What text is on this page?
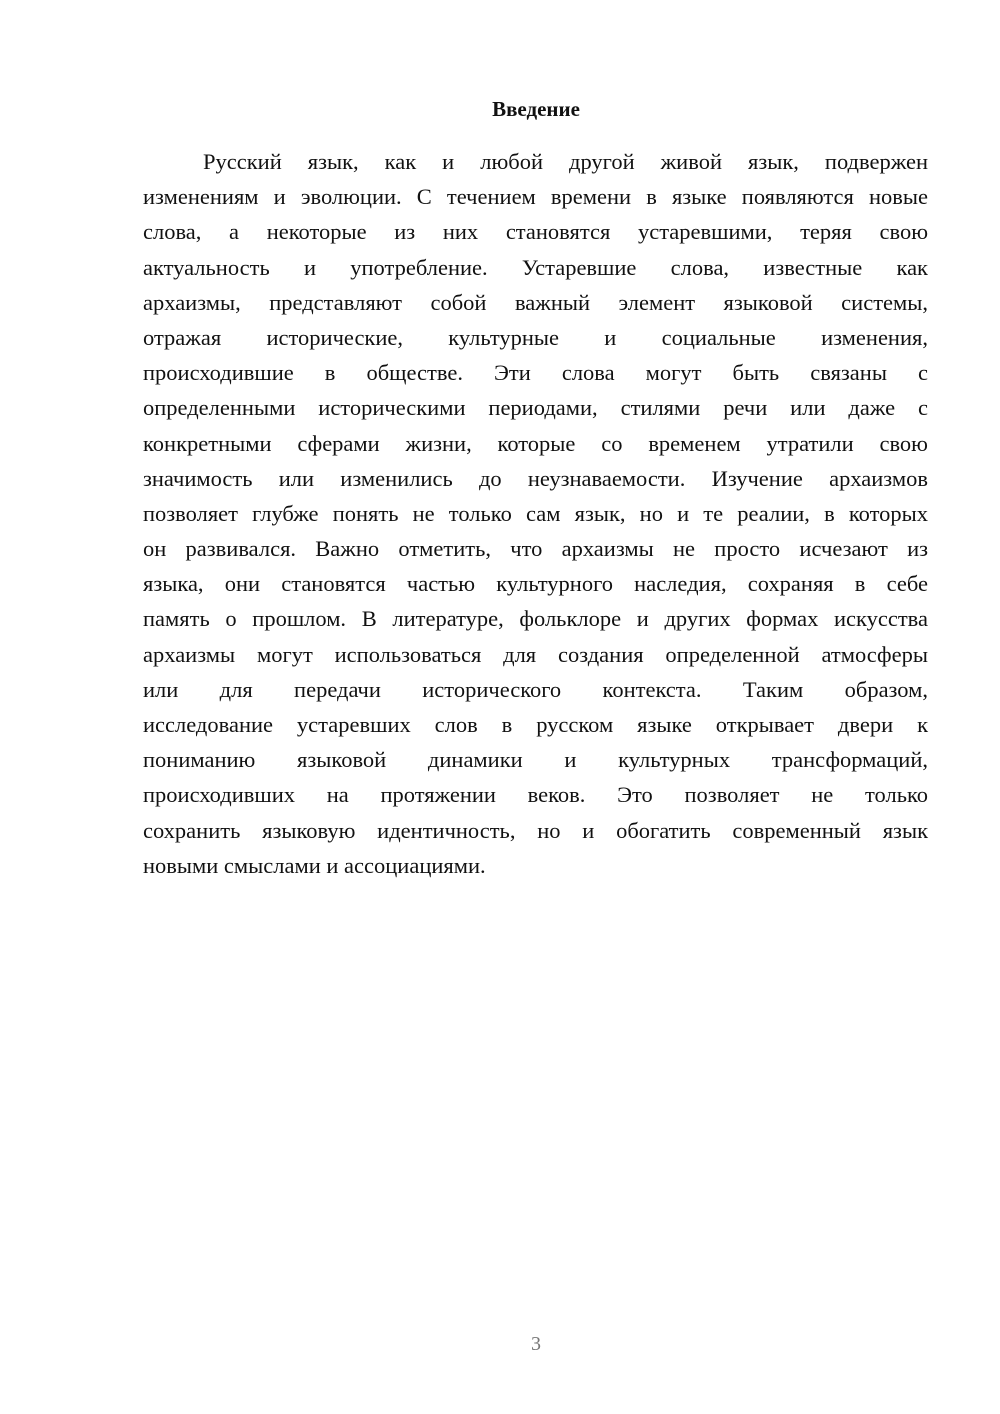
Введение
Русский язык, как и любой другой живой язык, подвержен
изменениям и эволюции. С течением времени в языке появляются новые
слова, а некоторые из них становятся устаревшими, теряя свою
актуальность и употребление. Устаревшие слова, известные как
архаизмы, представляют собой важный элемент языковой системы,
отражая исторические, культурные и социальные изменения,
происходившие в обществе. Эти слова могут быть связаны с
определенными историческими периодами, стилями речи или даже с
конкретными сферами жизни, которые со временем утратили свою
значимость или изменились до неузнаваемости. Изучение архаизмов
позволяет глубже понять не только сам язык, но и те реалии, в которых
он развивался. Важно отметить, что архаизмы не просто исчезают из
языка, они становятся частью культурного наследия, сохраняя в себе
память о прошлом. В литературе, фольклоре и других формах искусства
архаизмы могут использоваться для создания определенной атмосферы
или для передачи исторического контекста. Таким образом,
исследование устаревших слов в русском языке открывает двери к
пониманию языковой динамики и культурных трансформаций,
происходивших на протяжении веков. Это позволяет не только
сохранить языковую идентичность, но и обогатить современный язык
новыми смыслами и ассоциациями.
3
